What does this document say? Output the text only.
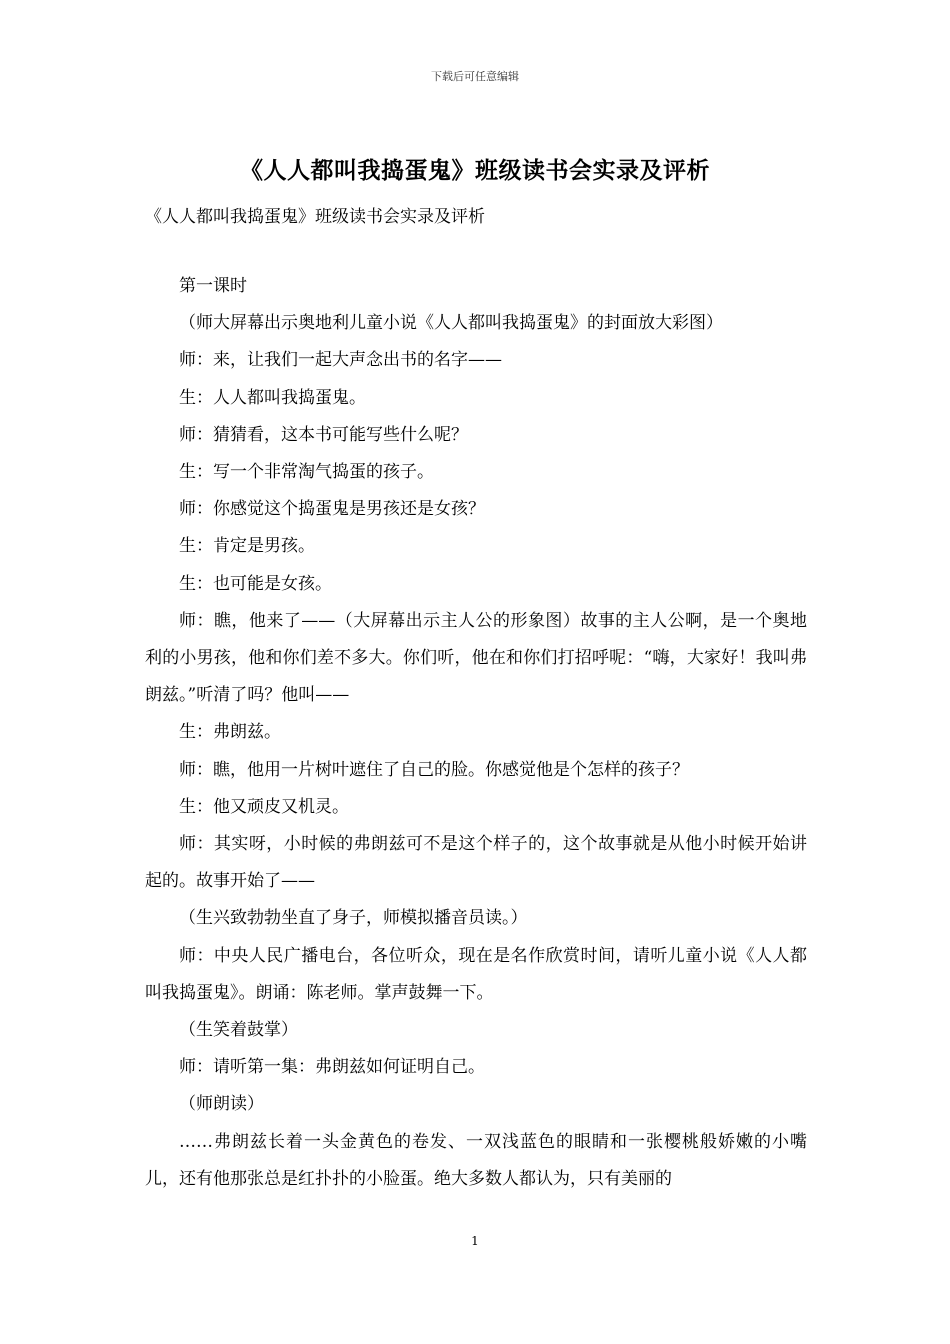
下载后可任意编辑
《人人都叫我捣蛋鬼》班级读书会实录及评析
《人人都叫我捣蛋鬼》班级读书会实录及评析

第一课时

（师大屏幕出示奥地利儿童小说《人人都叫我捣蛋鬼》的封面放大彩图）

师：来，让我们一起大声念出书的名字——

生：人人都叫我捣蛋鬼。

师：猜猜看，这本书可能写些什么呢？

生：写一个非常淘气捣蛋的孩子。

师：你感觉这个捣蛋鬼是男孩还是女孩？

生：肯定是男孩。

生：也可能是女孩。

师：瞧，他来了——（大屏幕出示主人公的形象图）故事的主人公啊，是一个奥地利的小男孩，他和你们差不多大。你们听，他在和你们打招呼呢：“嗨，大家好！我叫弗朗兹。”听清了吗？他叫——

生：弗朗兹。

师：瞧，他用一片树叶遮住了自己的脸。你感觉他是个怎样的孩子？

生：他又顽皮又机灵。

师：其实呀，小时候的弗朗兹可不是这个样子的，这个故事就是从他小时候开始讲起的。故事开始了——

（生兴致勃勃坐直了身子，师模拟播音员读。）

师：中央人民广播电台，各位听众，现在是名作欣赏时间，请听儿童小说《人人都叫我捣蛋鬼》。朗诵：陈老师。掌声鼓舞一下。

（生笑着鼓掌）

师：请听第一集：弗朗兹如何证明自己。

（师朗读）

……弗朗兹长着一头金黄色的卷发、一双浅蓝色的眼睛和一张樱桃般娇嫩的小嘴儿，还有他那张总是红扑扑的小脸蛋。绝大多数人都认为，只有美丽的

1
